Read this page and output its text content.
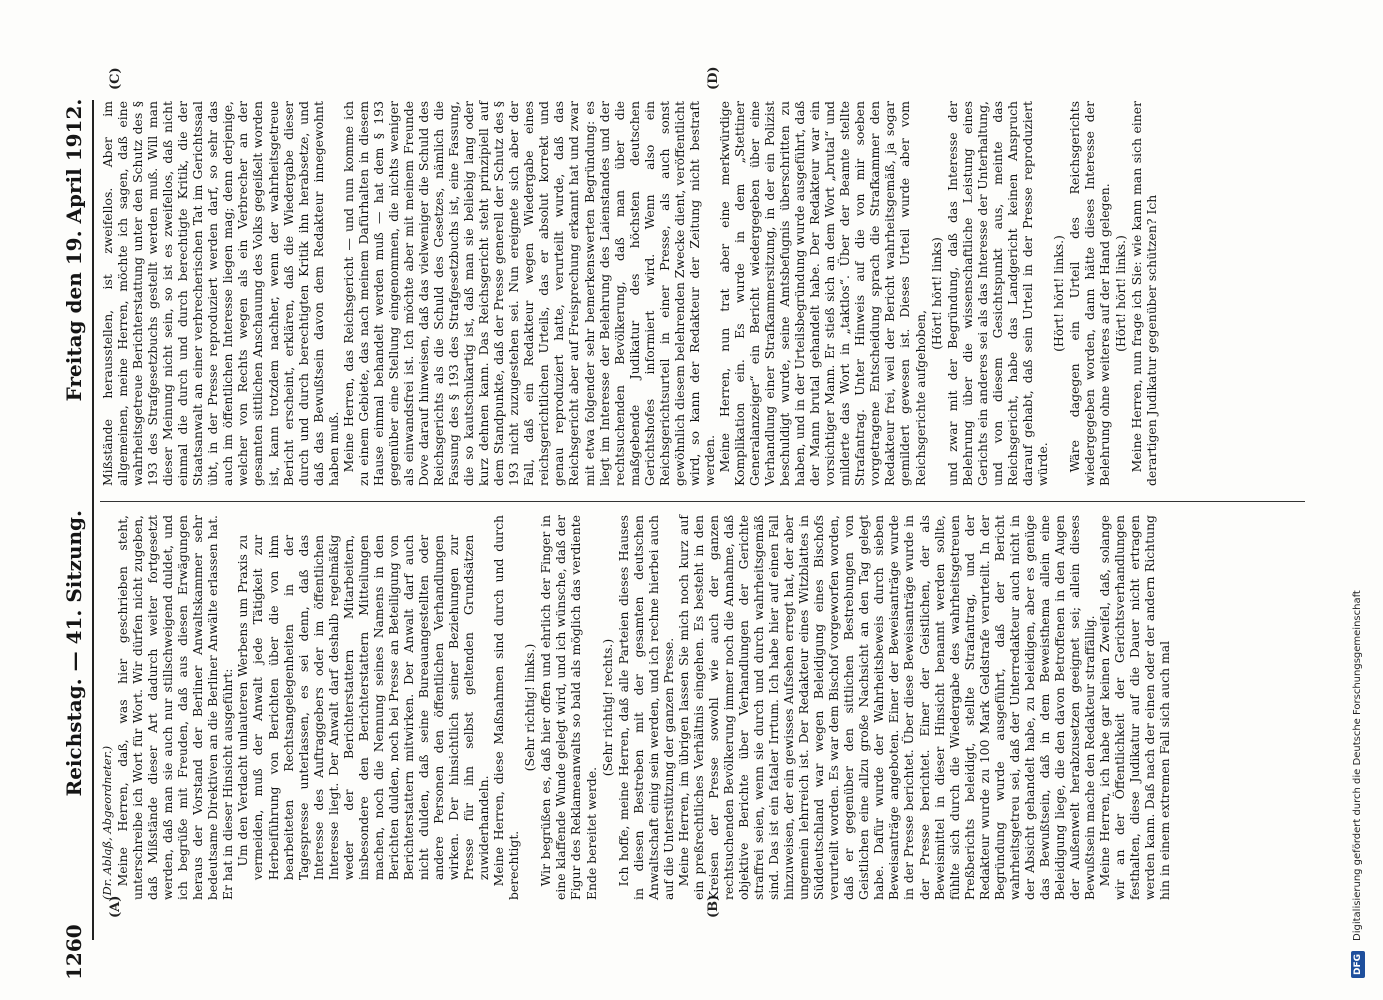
1260
Reichstag. — 41. Sitzung.
Freitag den 19. April 1912.
(A)	(B)
(C)	(D)

(Dr. Ablaß, Abgeordneter.) Meine Herren, daß, was hier geschrieben steht, unterschreibe ich Wort für Wort. Wir dürfen nicht zugeben, daß Mißstände dieser Art dadurch weiter fortgesetzt werden, daß man sie auch nur stillschweigend duldet, und ich begrüße mit Freuden, daß aus diesen Erwägungen heraus der Vorstand der Berliner Anwaltskammer sehr bedeutsame Direktiven an die Berliner Anwälte erlassen hat. Er hat in dieser Hinsicht ausgeführt: Um den Verdacht unlauteren Werbens um Praxis zu vermeiden, muß der Anwalt jede Tätigkeit zur Herbeiführung von Berichten über die von ihm bearbeiteten Rechtsangelegenheiten in der Tagespresse unterlassen, es sei denn, daß das Interesse des Auftraggebers oder im öffentlichen Interesse liegt. Der Anwalt darf deshalb regelmäßig weder der Berichterstattern Mitarbeitern, insbesondere den Berichterstattern Mitteilungen machen, noch die Nennung seines Namens in den Berichten dulden, noch bei Presse an Beteiligung von Berichterstattern mitwirken. Der Anwalt darf auch nicht dulden, daß seine Bureauangestellten oder andere Personen den öffentlichen Verhandlungen wirken. Der hinsichtlich seiner Beziehungen zur Presse für ihn selbst geltenden Grundsätzen zuwiderhandeln. Meine Herren, diese Maßnahmen sind durch und durch berechtigt.

(Sehr richtig! links.) Wir begrüßen es, daß hier offen und ehrlich der Finger in eine klaffende Wunde gelegt wird, und ich wünsche, daß der Figur des Reklameanwalts so bald als möglich das verdiente Ende bereitet werde.

(Sehr richtig! rechts.) Ich hoffe, meine Herren, daß alle Parteien dieses Hauses in diesen Bestreben mit der gesamten deutschen Anwaltschaft einig sein werden, und ich rechne hierbei auch auf die Unterstützung der ganzen Presse. Meine Herren, im übrigen lassen Sie mich noch kurz auf ein preßrechtliches Verhältnis eingehen. Es besteht in den Kreisen der Presse sowohl wie auch der ganzen rechtsuchenden Bevölkerung immer noch die Annahme, daß objektive Berichte über Verhandlungen der Gerichte straffrei seien, wenn sie durch und durch wahrheitsgemäß sind. Das ist ein fataler Irrtum. Ich habe hier auf einen Fall hinzuweisen, der ein gewisses Aufsehen erregt hat, der aber ungemein lehrreich ist. Der Redakteur eines Witzblattes in Süddeutschland war wegen Beleidigung eines Bischofs verurteilt worden. Es war dem Bischof vorgeworfen worden, daß er gegenüber den sittlichen Bestrebungen von Geistlichen eine allzu große Nachsicht an den Tag gelegt habe. Dafür wurde der Wahrheitsbeweis durch sieben Beweisanträge angeboten. Einer der Beweisanträge wurde in der Presse berichtet. Über diese Beweisanträge wurde in der Presse berichtet. Einer der Geistlichen, der als Beweismittel in dieser Hinsicht benannt werden sollte, fühlte sich durch die Wiedergabe des wahrheitsgetreuen Preßberichts beleidigt, stellte Strafantrag, und der Redakteur wurde zu 100 Mark Geldstrafe verurteilt. In der Begründung wurde ausgeführt, daß der Bericht wahrheitsgetreu sei, daß der Unterredakteur auch nicht in der Absicht gehandelt habe, zu beleidigen, aber es genüge das Bewußtsein, daß in dem Beweisthema allein eine Beleidigung liege, die den davon Betroffenen in den Augen der Außenwelt herabzusetzen geeignet sei; allein dieses Bewußtsein mache den Redakteur straffällig. Meine Herren, ich habe gar keinen Zweifel, daß, solange wir an der Öffentlichkeit der Gerichtsverhandlungen festhalten, diese Judikatur auf die Dauer nicht ertragen werden kann. Daß nach der einen oder der andern Richtung hin in einem extremen Fall sich auch mal

Mißstände herausstellen, ist zweifellos. Aber im allgemeinen, meine Herren, möchte ich sagen, daß eine wahrheitsgetreue Berichterstattung unter den Schutz des § 193 des Strafgesetzbuchs gestellt werden muß. Will man dieser Meinung nicht sein, so ist es zweifellos, daß nicht einmal die durch und durch berechtigte Kritik, die der Staatsanwalt an einer verbrecherischen Tat im Gerichtssaal übt, in der Presse reproduziert werden darf, so sehr das auch im öffentlichen Interesse liegen mag; denn derjenige, welcher von Rechts wegen als ein Verbrecher an der gesamten sittlichen Anschauung des Volks gegeißelt worden ist, kann trotzdem nachher, wenn der wahrheitsgetreue Bericht erscheint, erklären, daß die Wiedergabe dieser durch und durch berechtigten Kritik ihn herabsetze, und daß das Bewußtsein davon dem Redakteur innegewohnt haben muß. Meine Herren, das Reichsgericht — und nun komme ich zu einem Gebiete, das nach meinem Dafürhalten in diesem Hause einmal behandelt werden muß — hat dem § 193 gegenüber eine Stellung eingenommen, die nichts weniger als einwandsfrei ist. Ich möchte aber mit meinem Freunde Dove darauf hinweisen, daß das vielweniger die Schuld des Reichsgerichts als die Schuld des Gesetzes, nämlich die Fassung des § 193 des Strafgesetzbuchs ist, eine Fassung, die so kautschukartig ist, daß man sie beliebig lang oder kurz dehnen kann. Das Reichsgericht steht prinzipiell auf dem Standpunkte, daß der Presse generell der Schutz des § 193 nicht zuzugestehen sei. Nun ereignete sich aber der Fall, daß ein Redakteur wegen Wiedergabe eines reichsgerichtlichen Urteils, das er absolut korrekt und genau reproduziert hatte, verurteilt wurde, daß das Reichsgericht aber auf Freisprechung erkannt hat und zwar mit etwa folgender sehr bemerkenswerten Begründung: es liegt im Interesse der Belehrung des Laienstandes und der rechtsuchenden Bevölkerung, daß man über die maßgebende Judikatur des höchsten deutschen Gerichtshofes informiert wird. Wenn also ein Reichsgerichtsurteil in einer Presse, als auch sonst gewöhnlich diesem belehrenden Zwecke dient, veröffentlicht wird, so kann der Redakteur der Zeitung nicht bestraft werden. Meine Herren, nun trat aber eine merkwürdige Komplikation ein. Es wurde in dem „Stettiner Generalanzeiger“ ein Bericht wiedergegeben über eine Verhandlung einer Strafkammersitzung, in der ein Polizist beschuldigt wurde, seine Amtsbefugnis überschritten zu haben, und in der Urteilsbegründung wurde ausgeführt, daß der Mann brutal gehandelt habe. Der Redakteur war ein vorsichtiger Mann. Er stieß sich an dem Wort „brutal“ und milderte das Wort in „taktlos“. Über der Beamte stellte Strafantrag. Unter Hinweis auf die von mir soeben vorgetragene Entscheidung sprach die Strafkammer den Redakteur frei, weil der Bericht wahrheitsgemäß, ja sogar gemildert gewesen ist. Dieses Urteil wurde aber vom Reichsgerichte aufgehoben,

(Hört! hört! links) und zwar mit der Begründung, daß das Interesse der Belehrung über die wissenschaftliche Leistung eines Gerichts ein anderes sei als das Interesse der Unterhaltung, und von diesem Gesichtspunkt aus, meinte das Reichsgericht, habe das Landgericht keinen Anspruch darauf gehabt, daß sein Urteil in der Presse reproduziert würde.

(Hört! hört! links.) Wäre dagegen ein Urteil des Reichsgerichts wiedergegeben worden, dann hätte dieses Interesse der Belehrung ohne weiteres auf der Hand gelegen. (Hört! hört! links.) Meine Herren, nun frage ich Sie: wie kann man sich einer derartigen Judikatur gegenüber schützen? Ich

DFGDigitalisierung gefördert durch die Deutsche Forschungsgemeinschaft
